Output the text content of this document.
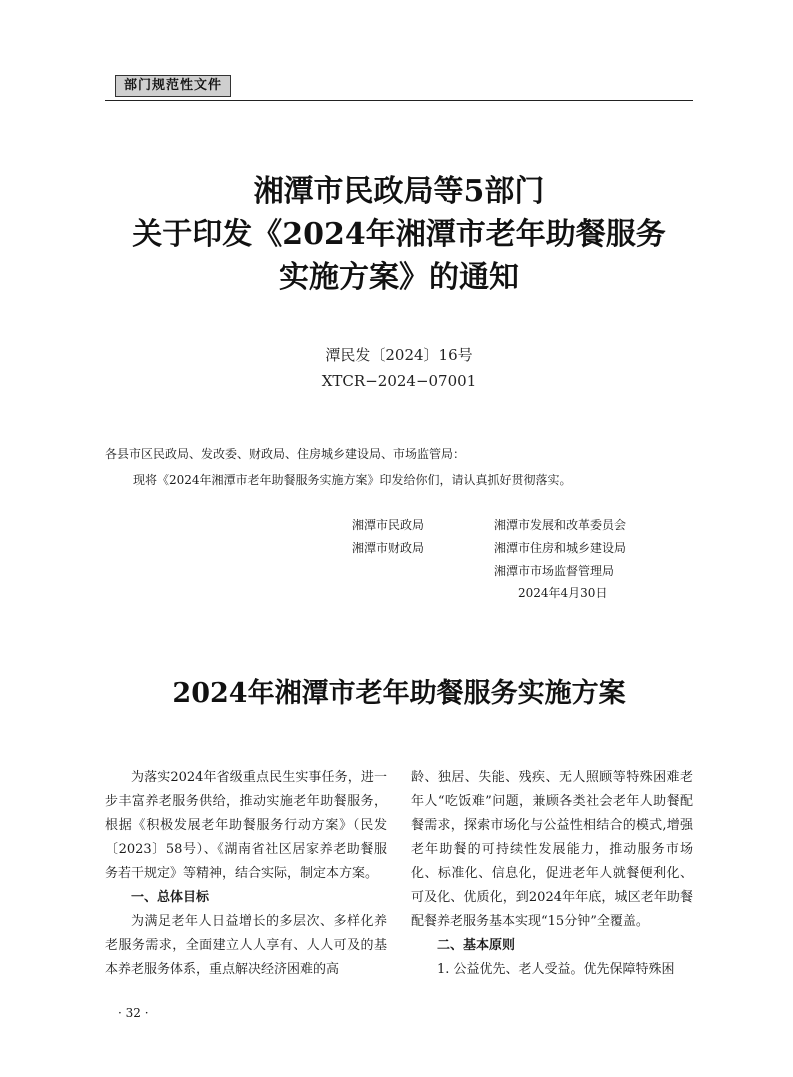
部门规范性文件
湘潭市民政局等5部门
关于印发《2024年湘潭市老年助餐服务
实施方案》的通知
潭民发〔2024〕16号
XTCR−2024−07001
各县市区民政局、发改委、财政局、住房城乡建设局、市场监管局：
现将《2024年湘潭市老年助餐服务实施方案》印发给你们，请认真抓好贯彻落实。
湘潭市民政局
湘潭市财政局
湘潭市发展和改革委员会
湘潭市住房和城乡建设局
湘潭市市场监督管理局
2024年4月30日
2024年湘潭市老年助餐服务实施方案

为落实2024年省级重点民生实事任务，进一步丰富养老服务供给，推动实施老年助餐服务，根据《积极发展老年助餐服务行动方案》（民发〔2023〕58号）、《湖南省社区居家养老助餐服务若干规定》等精神，结合实际，制定本方案。

一、总体目标

为满足老年人日益增长的多层次、多样化养老服务需求，全面建立人人享有、人人可及的基本养老服务体系，重点解决经济困难的高

龄、独居、失能、残疾、无人照顾等特殊困难老年人“吃饭难”问题，兼顾各类社会老年人助餐配餐需求，探索市场化与公益性相结合的模式,增强老年助餐的可持续性发展能力，推动服务市场化、标准化、信息化，促进老年人就餐便利化、可及化、优质化，到2024年年底，城区老年助餐配餐养老服务基本实现“15分钟”全覆盖。

二、基本原则

1. 公益优先、老人受益。优先保障特殊困

· 32 ·
